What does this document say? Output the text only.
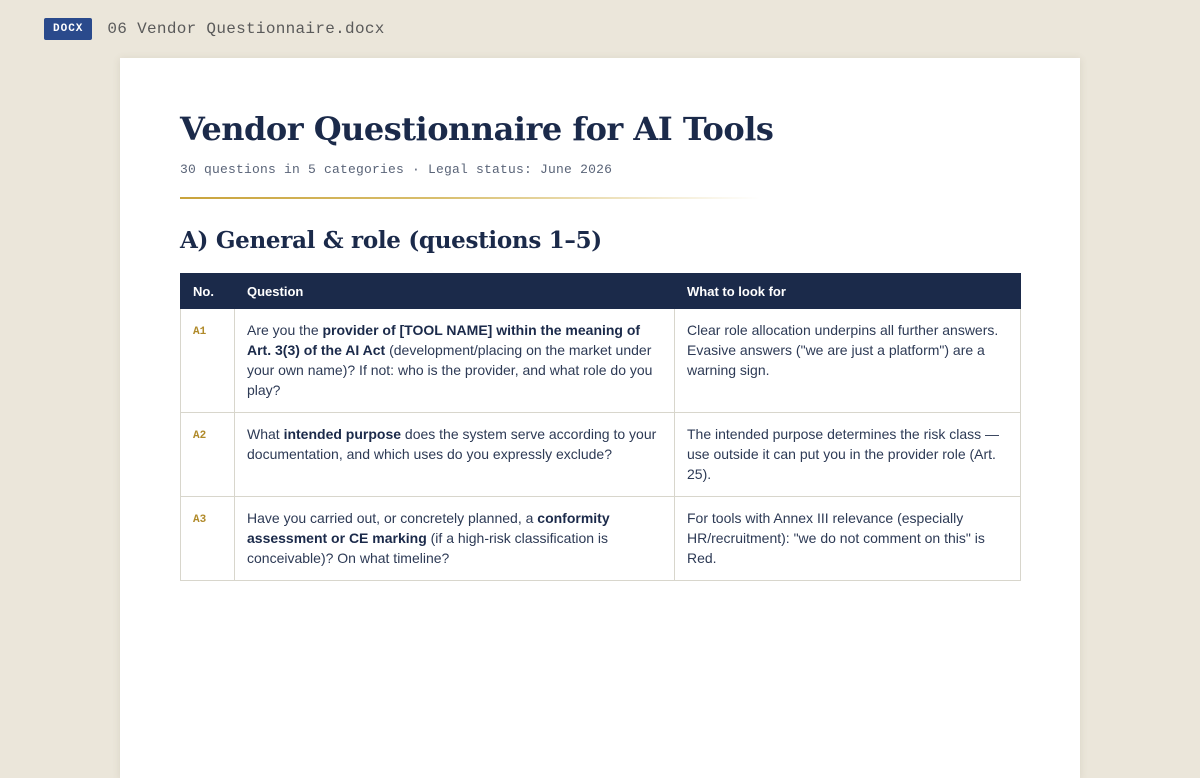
DOCX	06 Vendor Questionnaire.docx
Vendor Questionnaire for AI Tools
30 questions in 5 categories · Legal status: June 2026
A) General & role (questions 1–5)
No.	Question	What to look for
A1	Are you the provider of [TOOL NAME] within the meaning of Art. 3(3) of the AI Act (development/placing on the market under your own name)? If not: who is the provider, and what role do you play?	Clear role allocation underpins all further answers. Evasive answers ("we are just a platform") are a warning sign.
A2	What intended purpose does the system serve according to your documentation, and which uses do you expressly exclude?	The intended purpose determines the risk class — use outside it can put you in the provider role (Art. 25).
A3	Have you carried out, or concretely planned, a conformity assessment or CE marking (if a high-risk classification is conceivable)? On what timeline?	For tools with Annex III relevance (especially HR/recruitment): "we do not comment on this" is Red.
